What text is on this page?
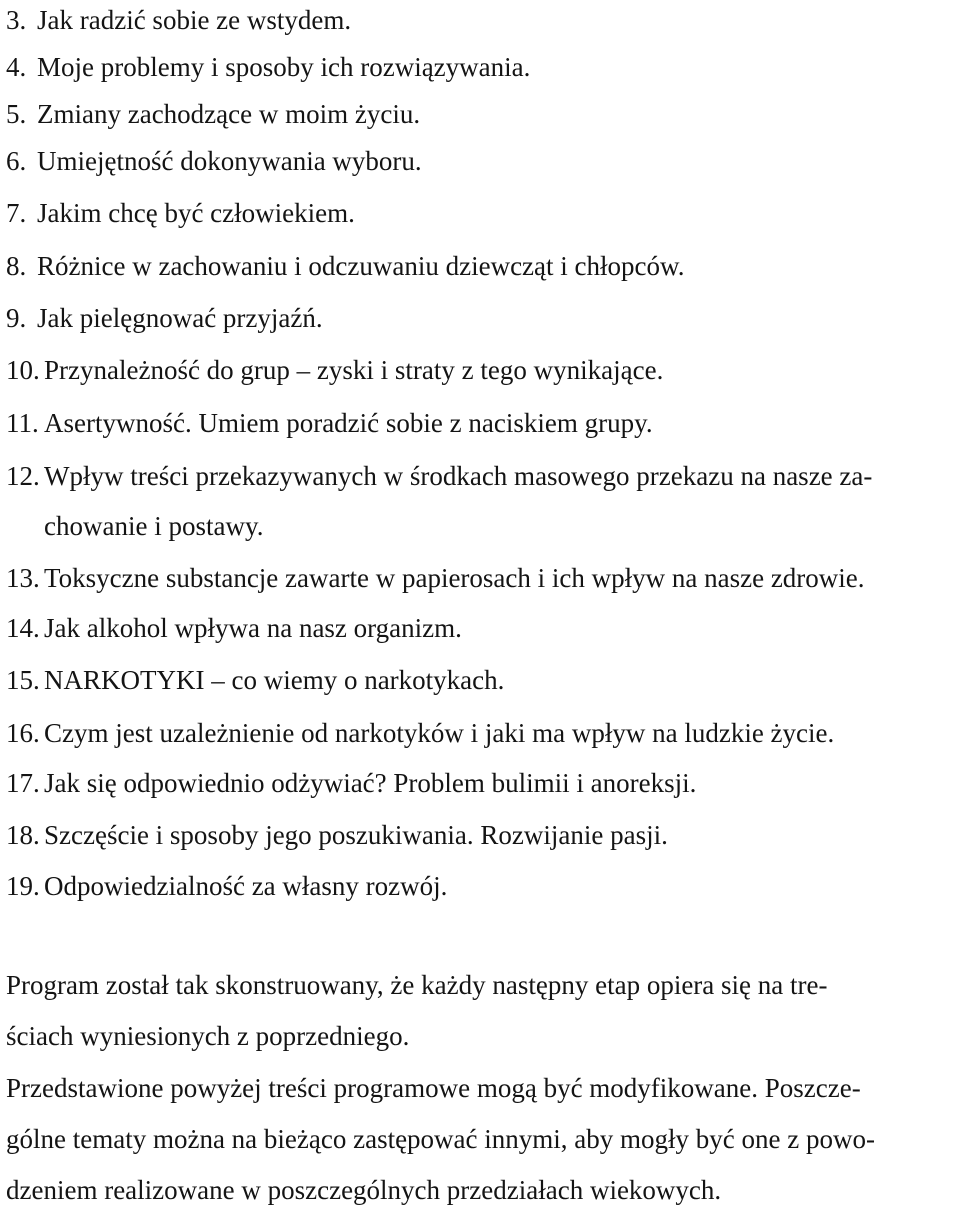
3. Jak radzić sobie ze wstydem.
4. Moje problemy i sposoby ich rozwiązywania.
5. Zmiany zachodzące w moim życiu.
6. Umiejętność dokonywania wyboru.
7. Jakim chcę być człowiekiem.
8. Różnice w zachowaniu i odczuwaniu dziewcząt i chłopców.
9. Jak pielęgnować przyjaźń.
10. Przynależność do grup – zyski i straty z tego wynikające.
11. Asertywność. Umiem poradzić sobie z naciskiem grupy.
12. Wpływ treści przekazywanych w środkach masowego przekazu na nasze za-
chowanie i postawy.
13. Toksyczne substancje zawarte w papierosach i ich wpływ na nasze zdrowie.
14. Jak alkohol wpływa na nasz organizm.
15. NARKOTYKI – co wiemy o narkotykach.
16. Czym jest uzależnienie od narkotyków i jaki ma wpływ na ludzkie życie.
17. Jak się odpowiednio odżywiać? Problem bulimii i anoreksji.
18. Szczęście i sposoby jego poszukiwania. Rozwijanie pasji.
19. Odpowiedzialność za własny rozwój.
Program został tak skonstruowany, że każdy następny etap opiera się na tre-
ściach wyniesionych z poprzedniego.
Przedstawione powyżej treści programowe mogą być modyfikowane. Poszcze-
gólne tematy można na bieżąco zastępować innymi, aby mogły być one z powo-
dzeniem realizowane w poszczególnych przedziałach wiekowych.
